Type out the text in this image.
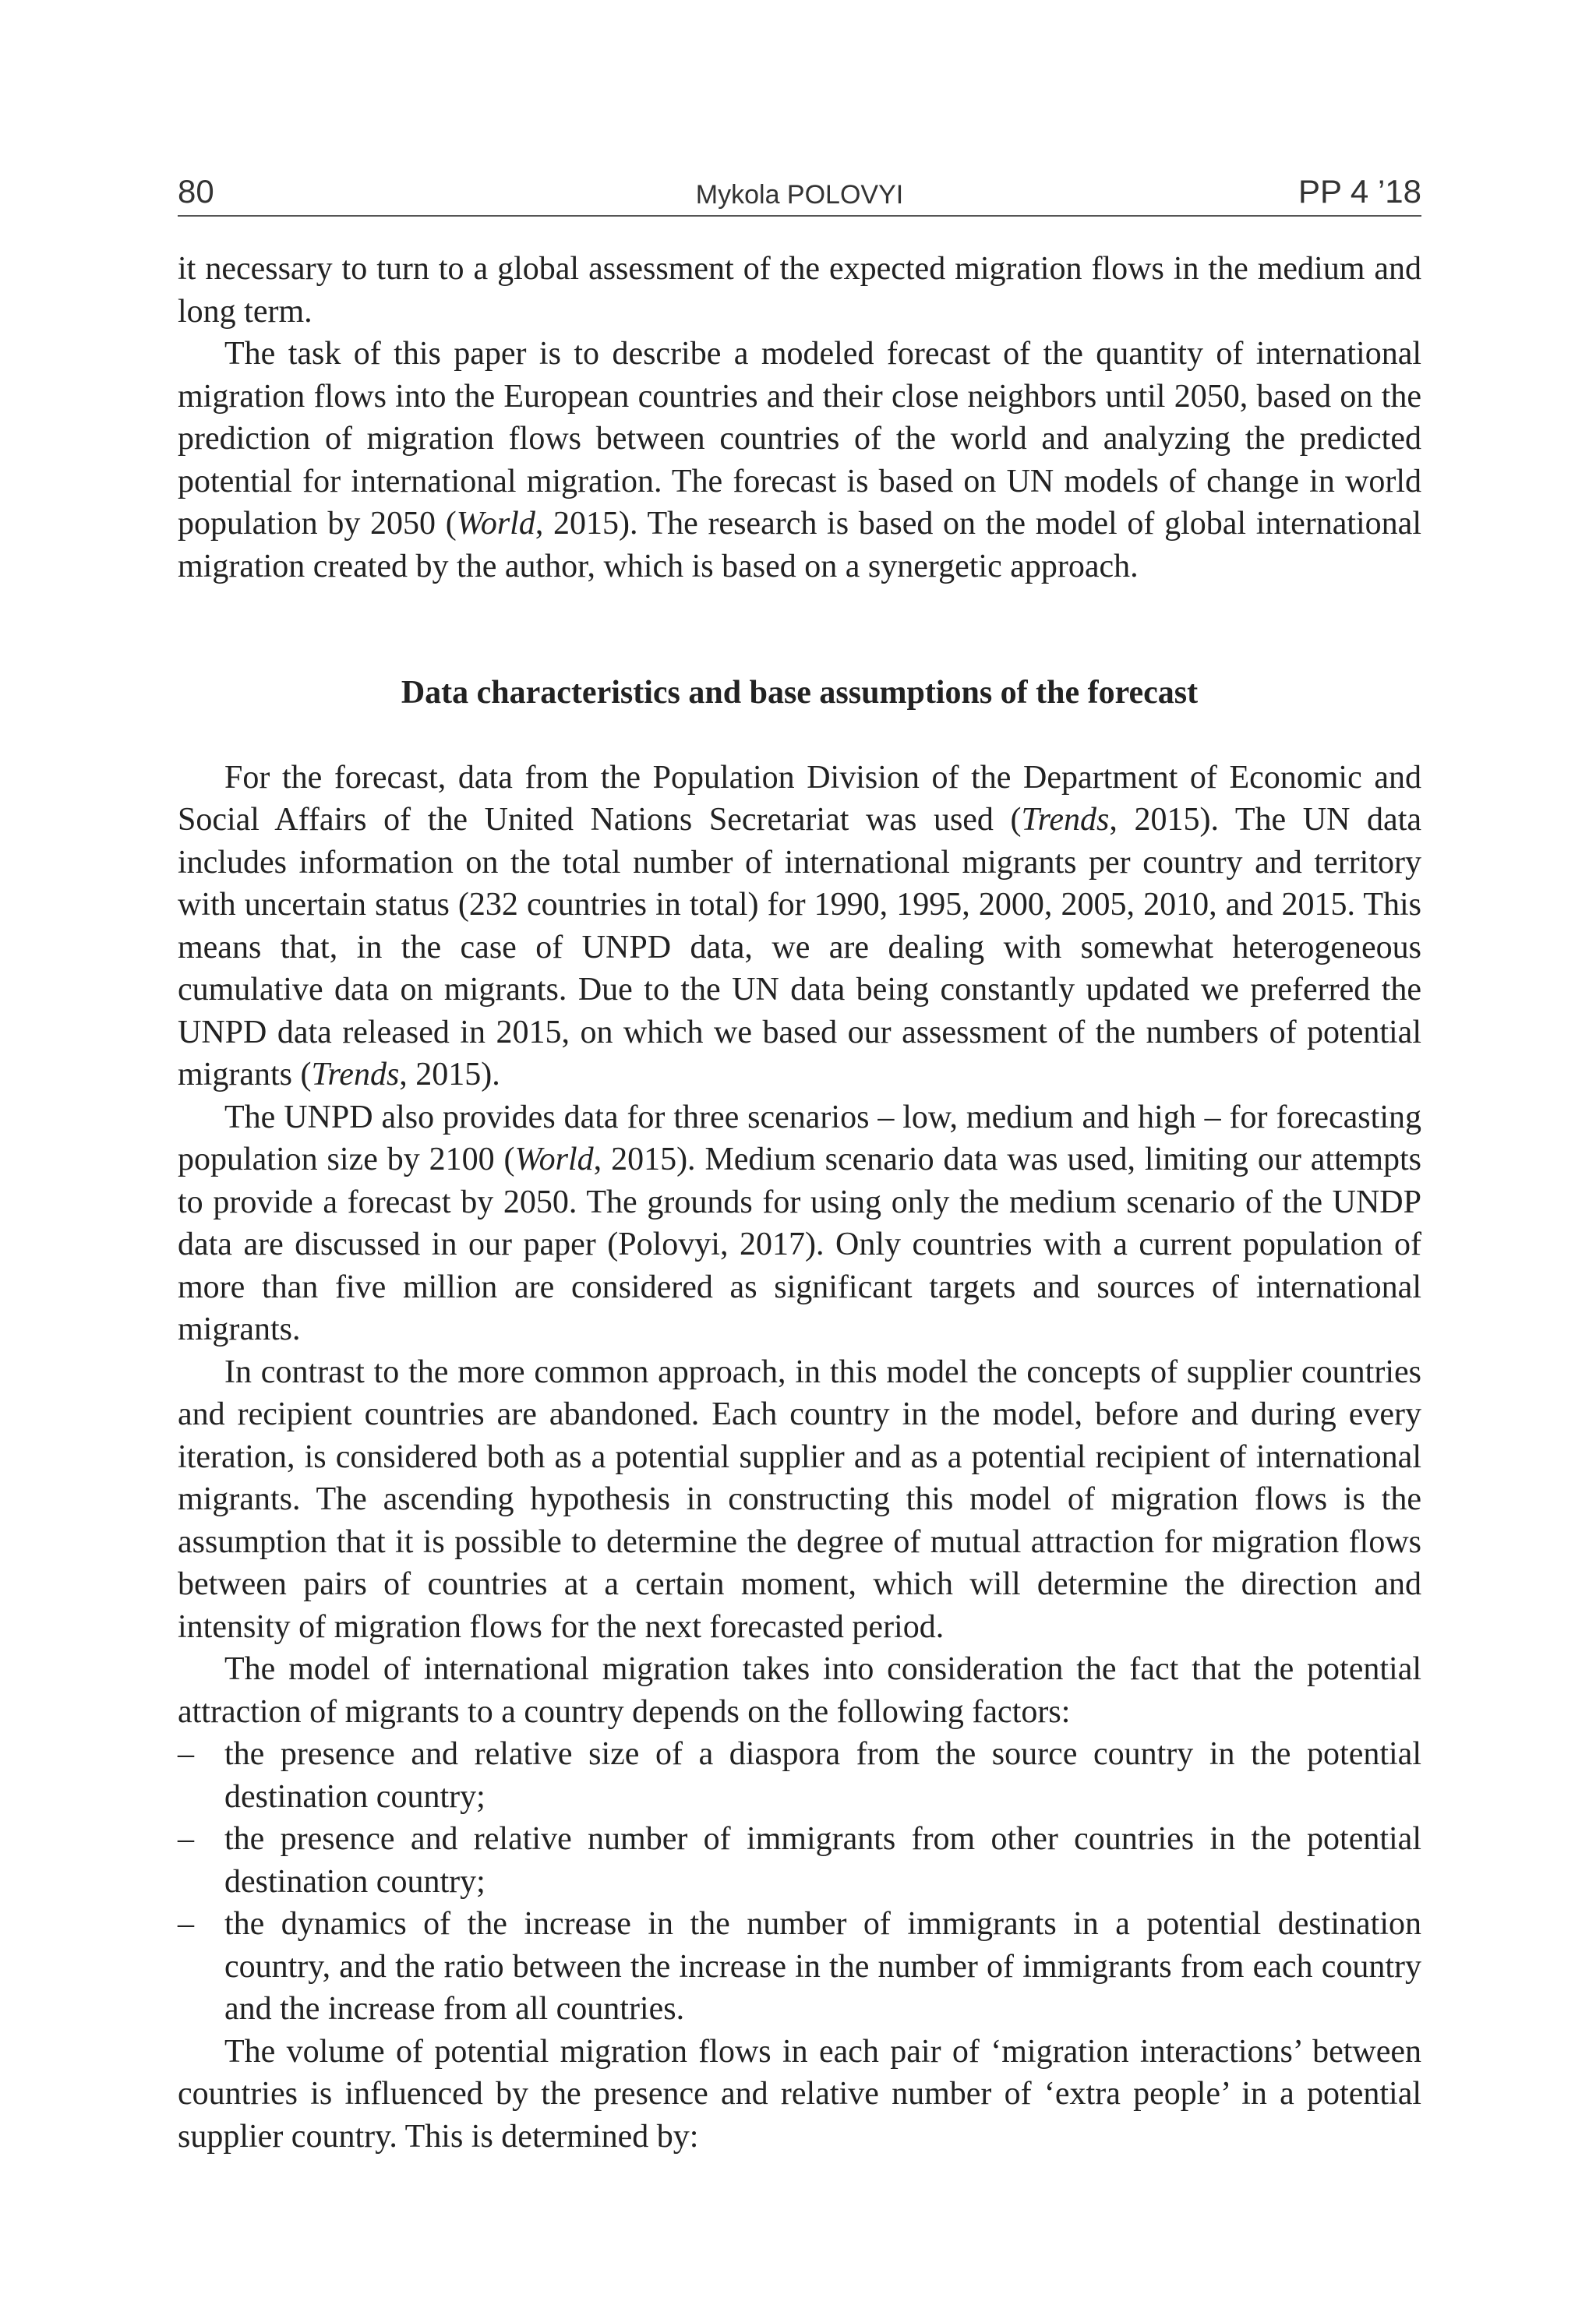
80	Mykola POLOVYI	PP 4 ’18

it necessary to turn to a global assessment of the expected migration flows in the medium and long term.

The task of this paper is to describe a modeled forecast of the quantity of international migration flows into the European countries and their close neighbors until 2050, based on the prediction of migration flows between countries of the world and analyzing the predicted potential for international migration. The forecast is based on UN models of change in world population by 2050 (World, 2015). The research is based on the model of global international migration created by the author, which is based on a synergetic approach.

Data characteristics and base assumptions of the forecast

For the forecast, data from the Population Division of the Department of Economic and Social Affairs of the United Nations Secretariat was used (Trends, 2015). The UN data includes information on the total number of international migrants per country and territory with uncertain status (232 countries in total) for 1990, 1995, 2000, 2005, 2010, and 2015. This means that, in the case of UNPD data, we are dealing with somewhat heterogeneous cumulative data on migrants. Due to the UN data being constantly updated we preferred the UNPD data released in 2015, on which we based our assessment of the numbers of potential migrants (Trends, 2015).

The UNPD also provides data for three scenarios – low, medium and high – for forecasting population size by 2100 (World, 2015). Medium scenario data was used, limiting our attempts to provide a forecast by 2050. The grounds for using only the medium scenario of the UNDP data are discussed in our paper (Polovyi, 2017). Only countries with a current population of more than five million are considered as significant targets and sources of international migrants.

In contrast to the more common approach, in this model the concepts of supplier countries and recipient countries are abandoned. Each country in the model, before and during every iteration, is considered both as a potential supplier and as a potential recipient of international migrants. The ascending hypothesis in constructing this model of migration flows is the assumption that it is possible to determine the degree of mutual attraction for migration flows between pairs of countries at a certain moment, which will determine the direction and intensity of migration flows for the next forecasted period.

The model of international migration takes into consideration the fact that the potential attraction of migrants to a country depends on the following factors:

– the presence and relative size of a diaspora from the source country in the potential destination country;
– the presence and relative number of immigrants from other countries in the potential destination country;
– the dynamics of the increase in the number of immigrants in a potential destination country, and the ratio between the increase in the number of immigrants from each country and the increase from all countries.

The volume of potential migration flows in each pair of ‘migration interactions’ between countries is influenced by the presence and relative number of ‘extra people’ in a potential supplier country. This is determined by:
